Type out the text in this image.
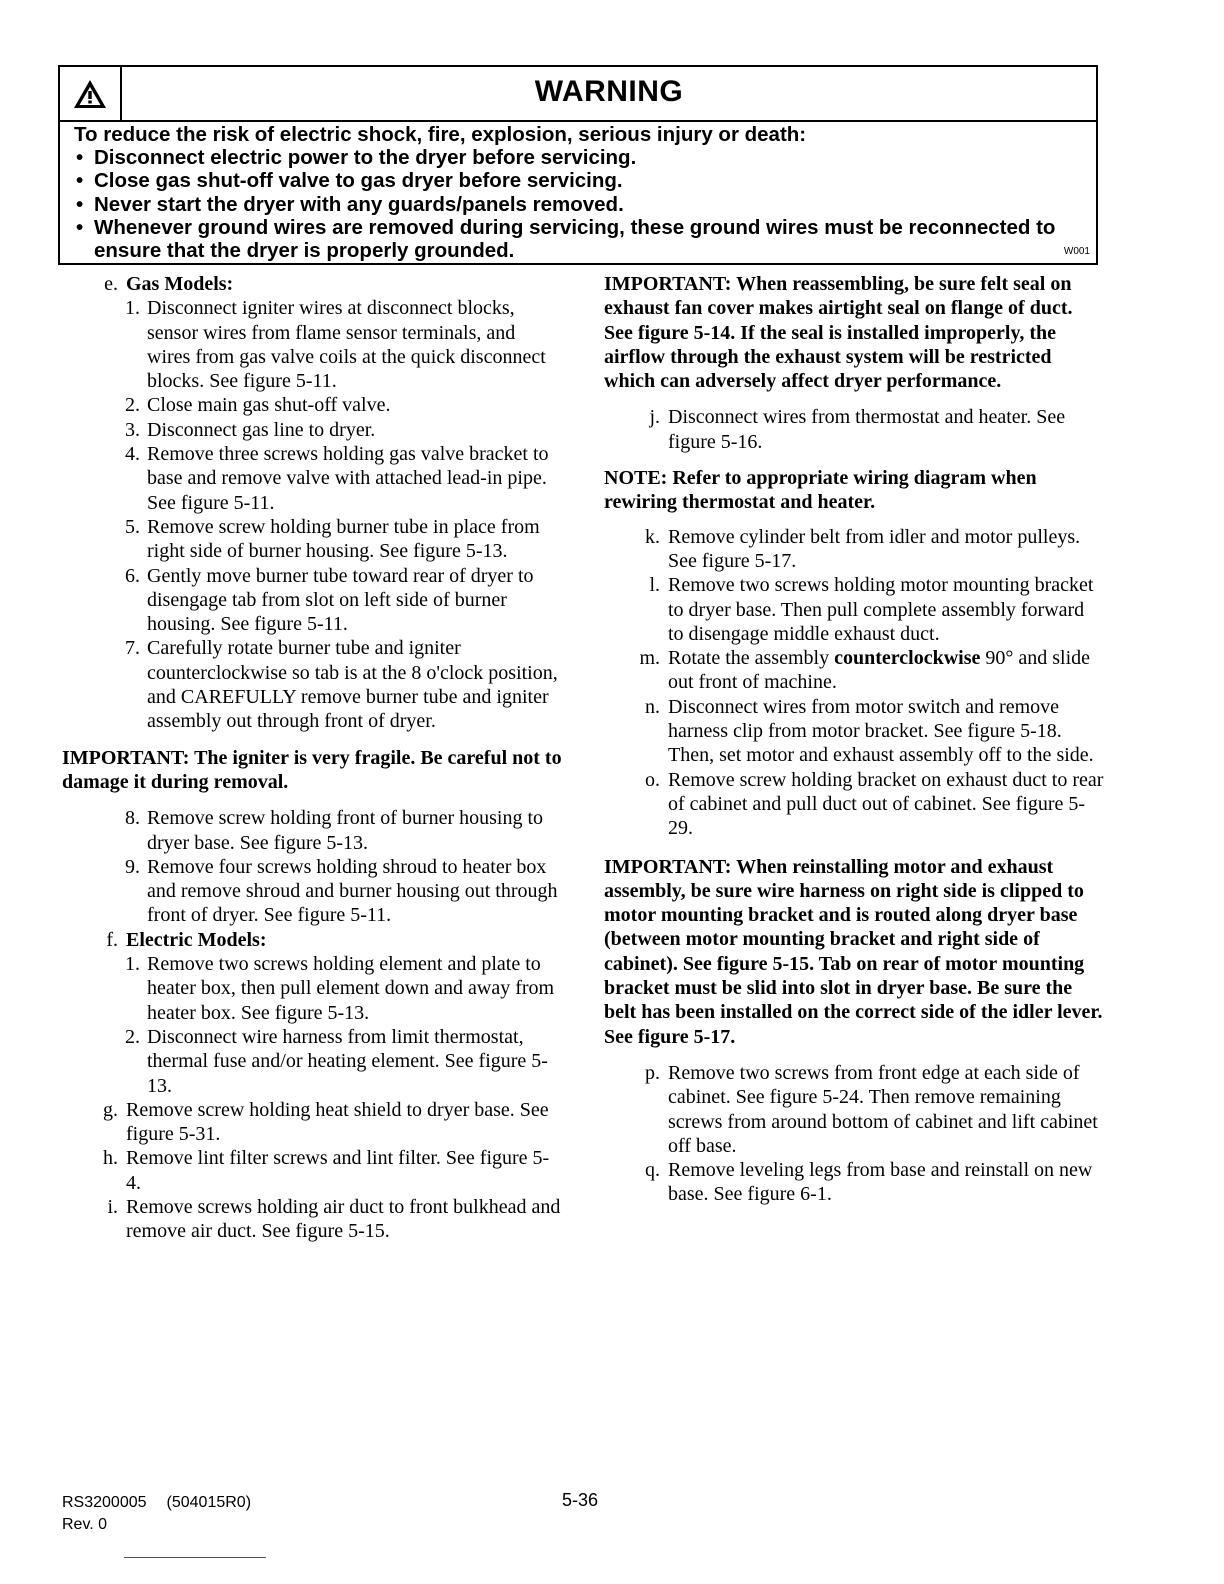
WARNING

To reduce the risk of electric shock, fire, explosion, serious injury or death:

• Disconnect electric power to the dryer before servicing.
• Close gas shut-off valve to gas dryer before servicing.
• Never start the dryer with any guards/panels removed.
• Whenever ground wires are removed during servicing, these ground wires must be reconnected to ensure that the dryer is properly grounded.	W001
e. Gas Models:
1. Disconnect igniter wires at disconnect blocks, sensor wires from flame sensor terminals, and wires from gas valve coils at the quick disconnect blocks. See figure 5-11.
2. Close main gas shut-off valve.
3. Disconnect gas line to dryer.
4. Remove three screws holding gas valve bracket to base and remove valve with attached lead-in pipe. See figure 5-11.
5. Remove screw holding burner tube in place from right side of burner housing. See figure 5-13.
6. Gently move burner tube toward rear of dryer to disengage tab from slot on left side of burner housing. See figure 5-11.
7. Carefully rotate burner tube and igniter counterclockwise so tab is at the 8 o'clock position, and CAREFULLY remove burner tube and igniter assembly out through front of dryer.

IMPORTANT: The igniter is very fragile. Be careful not to damage it during removal.

8. Remove screw holding front of burner housing to dryer base. See figure 5-13.
9. Remove four screws holding shroud to heater box and remove shroud and burner housing out through front of dryer. See figure 5-11.
f. Electric Models:
1. Remove two screws holding element and plate to heater box, then pull element down and away from heater box. See figure 5-13.
2. Disconnect wire harness from limit thermostat, thermal fuse and/or heating element. See figure 5-13.
g. Remove screw holding heat shield to dryer base. See figure 5-31.
h. Remove lint filter screws and lint filter. See figure 5-4.
i. Remove screws holding air duct to front bulkhead and remove air duct. See figure 5-15.

IMPORTANT: When reassembling, be sure felt seal on exhaust fan cover makes airtight seal on flange of duct. See figure 5-14. If the seal is installed improperly, the airflow through the exhaust system will be restricted which can adversely affect dryer performance.

j. Disconnect wires from thermostat and heater. See figure 5-16.

NOTE: Refer to appropriate wiring diagram when rewiring thermostat and heater.

k. Remove cylinder belt from idler and motor pulleys. See figure 5-17.
l. Remove two screws holding motor mounting bracket to dryer base. Then pull complete assembly forward to disengage middle exhaust duct.
m. Rotate the assembly counterclockwise 90° and slide out front of machine.
n. Disconnect wires from motor switch and remove harness clip from motor bracket. See figure 5-18. Then, set motor and exhaust assembly off to the side.
o. Remove screw holding bracket on exhaust duct to rear of cabinet and pull duct out of cabinet. See figure 5-29.

IMPORTANT: When reinstalling motor and exhaust assembly, be sure wire harness on right side is clipped to motor mounting bracket and is routed along dryer base (between motor mounting bracket and right side of cabinet). See figure 5-15. Tab on rear of motor mounting bracket must be slid into slot in dryer base. Be sure the belt has been installed on the correct side of the idler lever. See figure 5-17.

p. Remove two screws from front edge at each side of cabinet. See figure 5-24. Then remove remaining screws from around bottom of cabinet and lift cabinet off base.
q. Remove leveling legs from base and reinstall on new base. See figure 6-1.
RS3200005 (504015R0)
Rev. 0
5-36
